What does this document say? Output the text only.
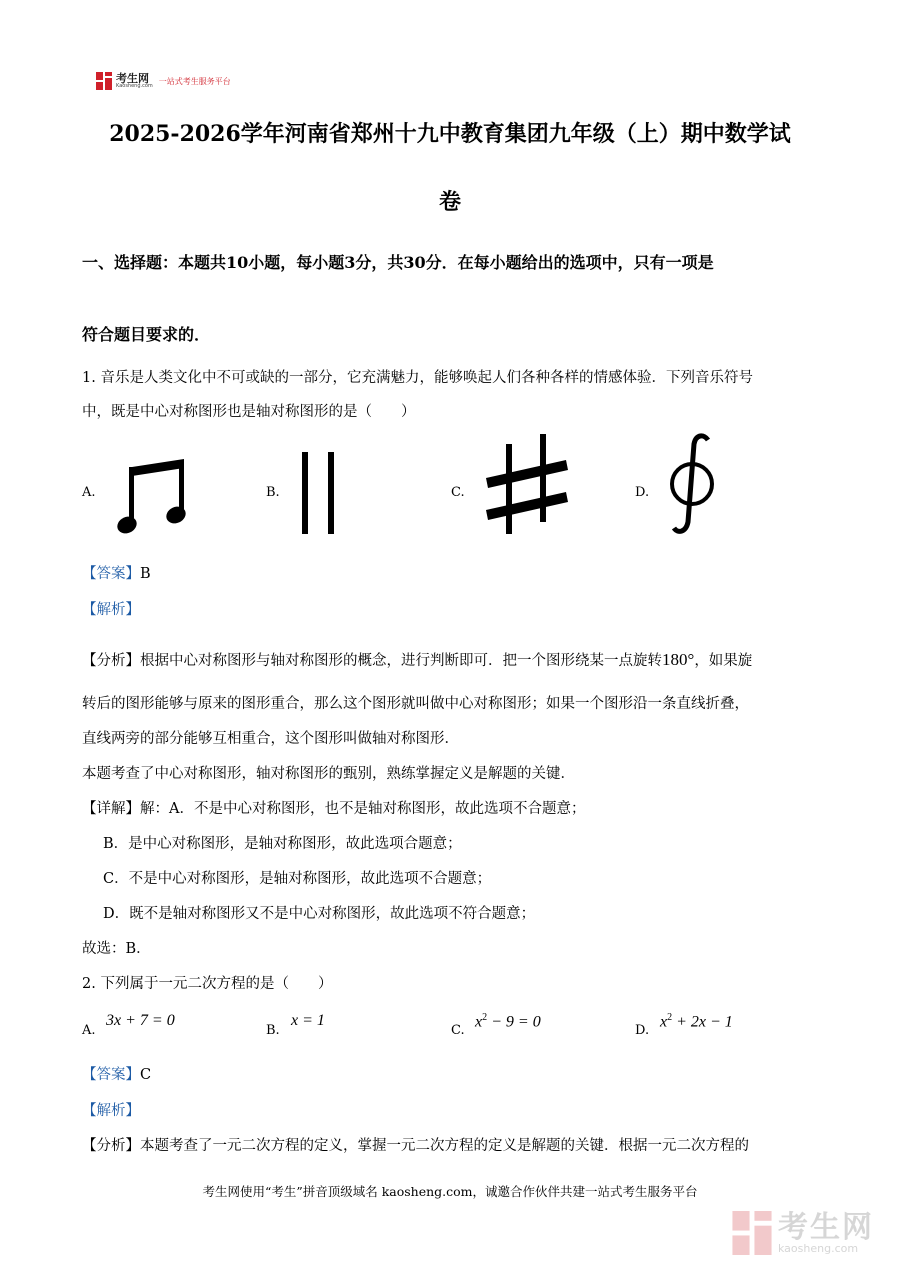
考生网
Kaosheng.com
一站式考生服务平台
2025-2026学年河南省郑州十九中教育集团九年级（上）期中数学试
卷
一、选择题：本题共10小题，每小题3分，共30分．在每小题给出的选项中，只有一项是
符合题目要求的．
1. 音乐是人类文化中不可或缺的一部分，它充满魅力，能够唤起人们各种各样的情感体验．下列音乐符号
中，既是中心对称图形也是轴对称图形的是（　　）
A.	B.	C.	D.
【答案】B
【解析】
【分析】根据中心对称图形与轴对称图形的概念，进行判断即可．把一个图形绕某一点旋转180°，如果旋
转后的图形能够与原来的图形重合，那么这个图形就叫做中心对称图形；如果一个图形沿一条直线折叠，
直线两旁的部分能够互相重合，这个图形叫做轴对称图形．
本题考查了中心对称图形，轴对称图形的甄别，熟练掌握定义是解题的关键．
【详解】解：A．不是中心对称图形，也不是轴对称图形，故此选项不合题意；
B．是中心对称图形，是轴对称图形，故此选项合题意；
C．不是中心对称图形，是轴对称图形，故此选项不合题意；
D．既不是轴对称图形又不是中心对称图形，故此选项不符合题意；
故选：B．
2. 下列属于一元二次方程的是（　　）
A.
3x + 7 = 0
B.
x = 1
C.
$x^2 - 9 = 0$
D.
$x^2 + 2x - 1$
【答案】C
【解析】
【分析】本题考查了一元二次方程的定义，掌握一元二次方程的定义是解题的关键．根据一元二次方程的
考生网使用“考生”拼音顶级域名 kaosheng.com，诚邀合作伙伴共建一站式考生服务平台
考生网
kaosheng.com
